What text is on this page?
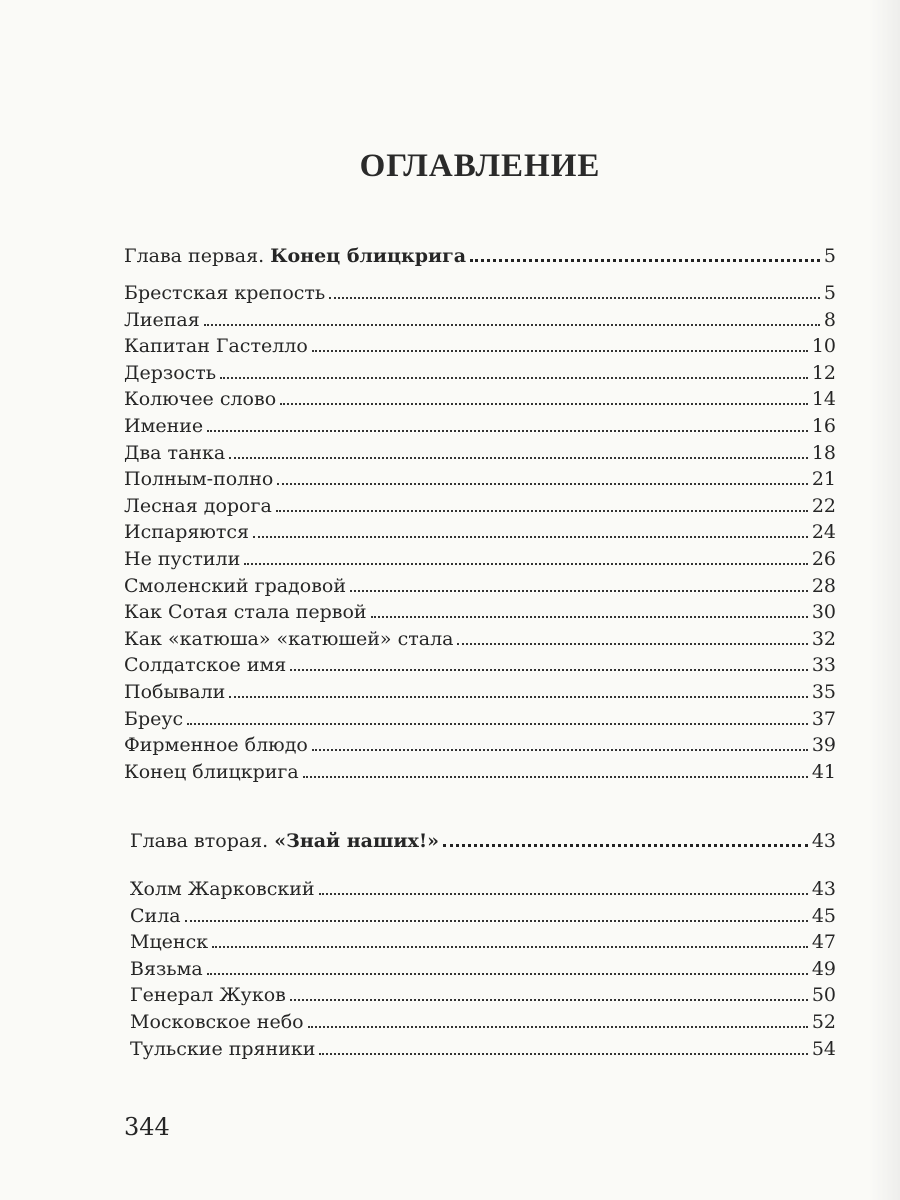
ОГЛАВЛЕНИЕ
Глава первая. Конец блицкрига	5
Брестская крепость	5
Лиепая	8
Капитан Гастелло	10
Дерзость	12
Колючее слово	14
Имение	16
Два танка	18
Полным-полно	21
Лесная дорога	22
Испаряются	24
Не пустили	26
Смоленский градовой	28
Как Сотая стала первой	30
Как «катюша» «катюшей» стала	32
Солдатское имя	33
Побывали	35
Бреус	37
Фирменное блюдо	39
Конец блицкрига	41
Глава вторая. «Знай наших!»	43
Холм Жарковский	43
Сила	45
Мценск	47
Вязьма	49
Генерал Жуков	50
Московское небо	52
Тульские пряники	54
344
